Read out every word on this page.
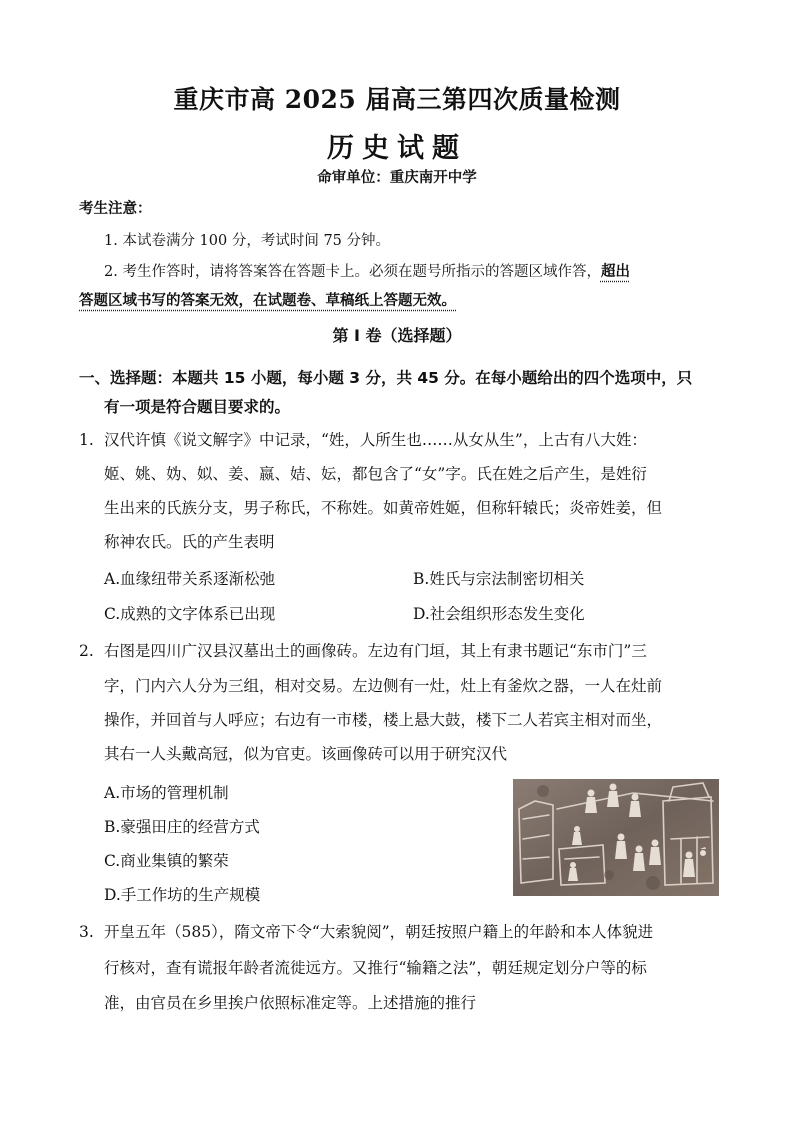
重庆市高 2025 届高三第四次质量检测
历史试题
命审单位：重庆南开中学
考生注意：
1. 本试卷满分 100 分，考试时间 75 分钟。
2. 考生作答时，请将答案答在答题卡上。必须在题号所指示的答题区域作答，超出
答题区域书写的答案无效，在试题卷、草稿纸上答题无效。
第 I 卷（选择题）
一、选择题：本题共 15 小题，每小题 3 分，共 45 分。在每小题给出的四个选项中，只
有一项是符合题目要求的。
1. 汉代许慎《说文解字》中记录，“姓，人所生也……从女从生”，上古有八大姓：
姬、姚、妫、姒、姜、嬴、姞、妘，都包含了“女”字。氏在姓之后产生，是姓衍
生出来的氏族分支，男子称氏，不称姓。如黄帝姓姬，但称轩辕氏；炎帝姓姜，但
称神农氏。氏的产生表明
A.血缘纽带关系逐渐松弛	B.姓氏与宗法制密切相关
C.成熟的文字体系已出现	D.社会组织形态发生变化
2. 右图是四川广汉县汉墓出土的画像砖。左边有门垣，其上有隶书题记“东市门”三
字，门内六人分为三组，相对交易。左边侧有一灶，灶上有釜炊之器，一人在灶前
操作，并回首与人呼应；右边有一市楼，楼上悬大鼓，楼下二人若宾主相对而坐，
其右一人头戴高冠，似为官吏。该画像砖可以用于研究汉代
A.市场的管理机制
B.豪强田庄的经营方式
C.商业集镇的繁荣
D.手工作坊的生产规模
3. 开皇五年（585），隋文帝下令“大索貌阅”，朝廷按照户籍上的年龄和本人体貌进
行核对，查有谎报年龄者流徙远方。又推行“输籍之法”，朝廷规定划分户等的标
准，由官员在乡里挨户依照标准定等。上述措施的推行
